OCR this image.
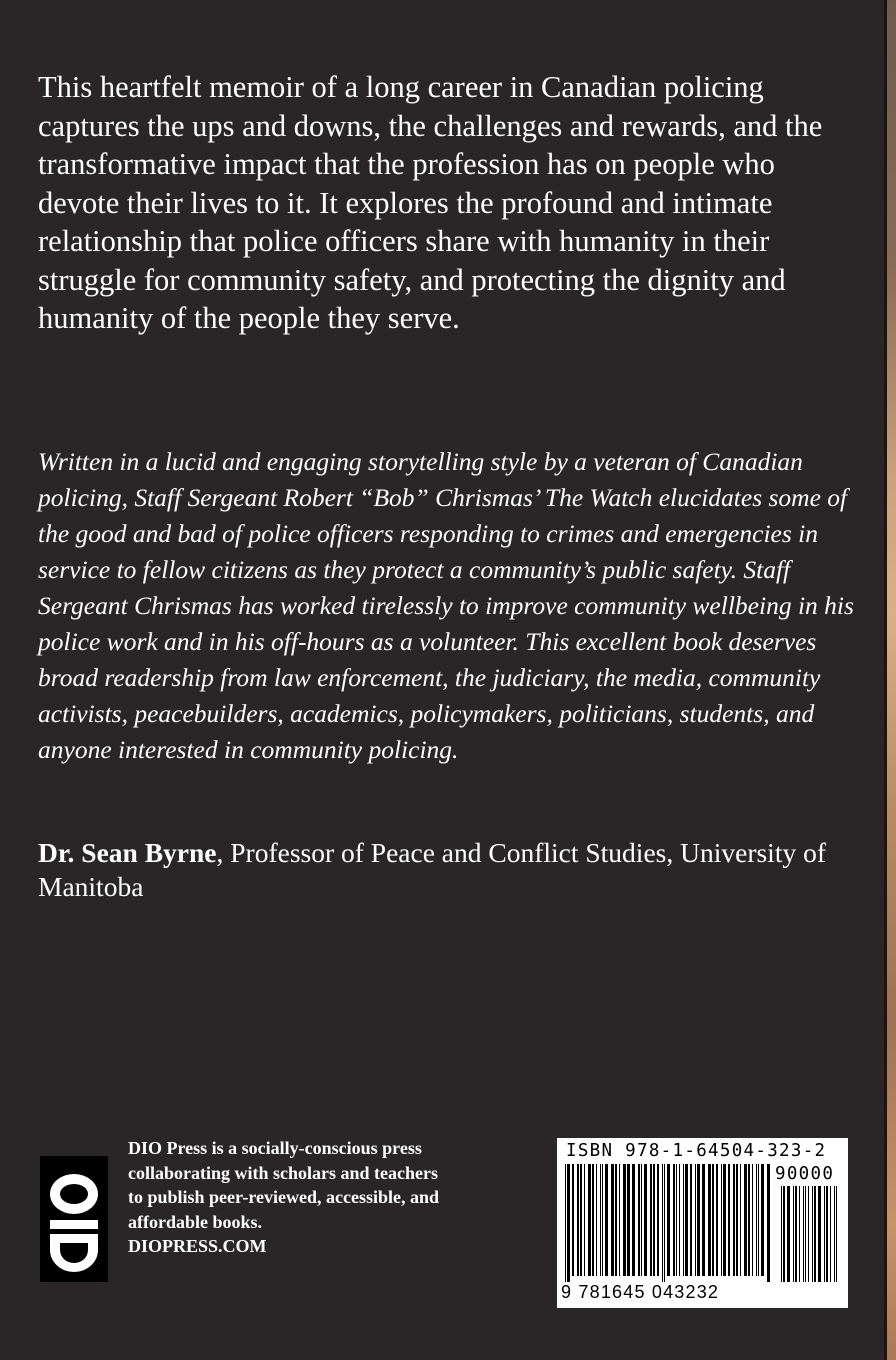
This heartfelt memoir of a long career in Canadian policing captures the ups and downs, the challenges and rewards, and the transformative impact that the profession has on people who devote their lives to it. It explores the profound and intimate relationship that police officers share with humanity in their struggle for community safety, and protecting the dignity and humanity of the people they serve.

Written in a lucid and engaging storytelling style by a veteran of Canadian policing, Staff Sergeant Robert “Bob” Chrismas’ The Watch elucidates some of the good and bad of police officers responding to crimes and emergencies in service to fellow citizens as they protect a community’s public safety. Staff Sergeant Chrismas has worked tirelessly to improve community wellbeing in his police work and in his off-hours as a volunteer. This excellent book deserves broad readership from law enforcement, the judiciary, the media, community activists, peacebuilders, academics, policymakers, politicians, students, and anyone interested in community policing.

Dr. Sean Byrne, Professor of Peace and Conflict Studies, University of Manitoba

DIO Press is a socially-conscious press
collaborating with scholars and teachers
to publish peer-reviewed, accessible, and
affordable books.
DIOPRESS.COM
ISBN 978-1-64504-323-2
90000
9 781645 043232
